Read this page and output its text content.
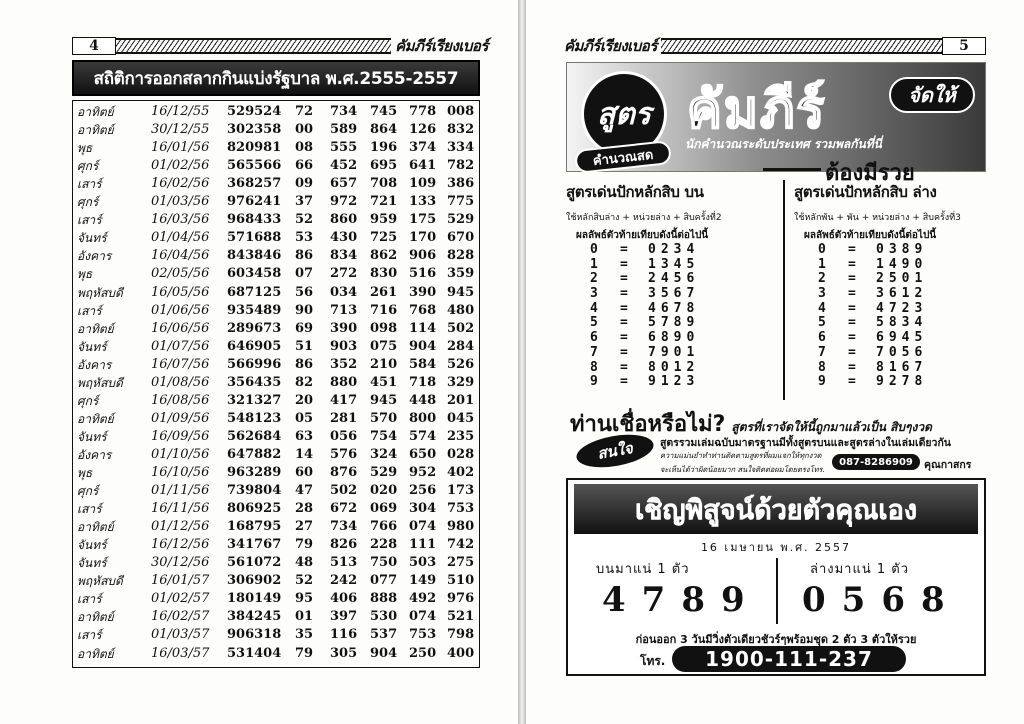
4	คัมภีร์เรียงเบอร์
สถิติการออกสลากกินแบ่งรัฐบาล พ.ศ.2555-2557
อาทิตย์	16/12/55 529524 72 734 745 778 008
อาทิตย์	30/12/55 302358 00 589 864 126 832
พุธ	16/01/56 820981 08 555 196 374 334
ศุกร์	01/02/56 565566 66 452 695 641 782
เสาร์	16/02/56 368257 09 657 708 109 386
ศุกร์	01/03/56 976241 37 972 721 133 775
เสาร์	16/03/56 968433 52 860 959 175 529
จันทร์	01/04/56 571688 53 430 725 170 670
อังคาร	16/04/56 843846 86 834 862 906 828
พุธ	02/05/56 603458 07 272 830 516 359
พฤหัสบดี 16/05/56 687125 56 034 261 390 945
เสาร์	01/06/56 935489 90 713 716 768 480
อาทิตย์	16/06/56 289673 69 390 098 114 502
จันทร์	01/07/56 646905 51 903 075 904 284
อังคาร	16/07/56 566996 86 352 210 584 526
พฤหัสบดี 01/08/56 356435 82 880 451 718 329
ศุกร์	16/08/56 321327 20 417 945 448 201
อาทิตย์	01/09/56 548123 05 281 570 800 045
จันทร์	16/09/56 562684 63 056 754 574 235
อังคาร	01/10/56 647882 14 576 324 650 028
พุธ	16/10/56 963289 60 876 529 952 402
ศุกร์	01/11/56 739804 47 502 020 256 173
เสาร์	16/11/56 806925 28 672 069 304 753
อาทิตย์	01/12/56 168795 27 734 766 074 980
จันทร์	16/12/56 341767 79 826 228 111 742
จันทร์	30/12/56 561072 48 513 750 503 275
พฤหัสบดี 16/01/57 306902 52 242 077 149 510
เสาร์	01/02/57 180149 95 406 888 492 976
อาทิตย์	16/02/57 384245 01 397 530 074 521
เสาร์	01/03/57 906318 35 116 537 753 798
อาทิตย์	16/03/57 531404 79 305 904 250 400
คัมภีร์เรียงเบอร์	5
สูตร
คำนวณสด
คัมภีร์	จัดให้
นักคำนวณระดับประเทศ รวมพลกันที่นี่
ต้องมีรวย
สูตรเด่นปักหลักสิบ บน
ใช้หลักสิบล่าง + หน่วยล่าง + สิบครั้งที่2
ผลลัพธ์ตัวท้ายเทียบดังนี้ต่อไปนี้
0 = 0234
1 = 1345
2 = 2456
3 = 3567
4 = 4678
5 = 5789
6 = 6890
7 = 7901
8 = 8012
9 = 9123
สูตรเด่นปักหลักสิบ ล่าง
ใช้หลักพัน + พัน + หน่วยล่าง + สิบครั้งที่3
ผลลัพธ์ตัวท้ายเทียบดังนี้ต่อไปนี้
0 = 0389
1 = 1490
2 = 2501
3 = 3612
4 = 4723
5 = 5834
6 = 6945
7 = 7056
8 = 8167
9 = 9278
ท่านเชื่อหรือไม่? สูตรที่เราจัดให้นี้ถูกมาแล้วเป็น สิบๆงวด
สนใจ	สูตรรวมเล่มฉบับมาตรฐานมีทั้งสูตรบนและสูตรล่างในเล่มเดียวกัน
ความแม่นยำทำท่านติดตามสูตรที่ผมแจกให้ทุกงวด
จะเห็นได้ว่าผิดน้อยมาก สนใจติดต่อผมโดยตรงโทร.
087-8286909	คุณกาสกร
เชิญพิสูจน์ด้วยตัวคุณเอง
16 เมษายน พ.ศ. 2557
บนมาแน่ 1 ตัว	ล่างมาแน่ 1 ตัว
4789 0568
ก่อนออก 3 วันมีวิ่งตัวเดียวชัวร์ๆพร้อมชุด 2 ตัว 3 ตัวให้รวย
โทร.	1900-111-237
